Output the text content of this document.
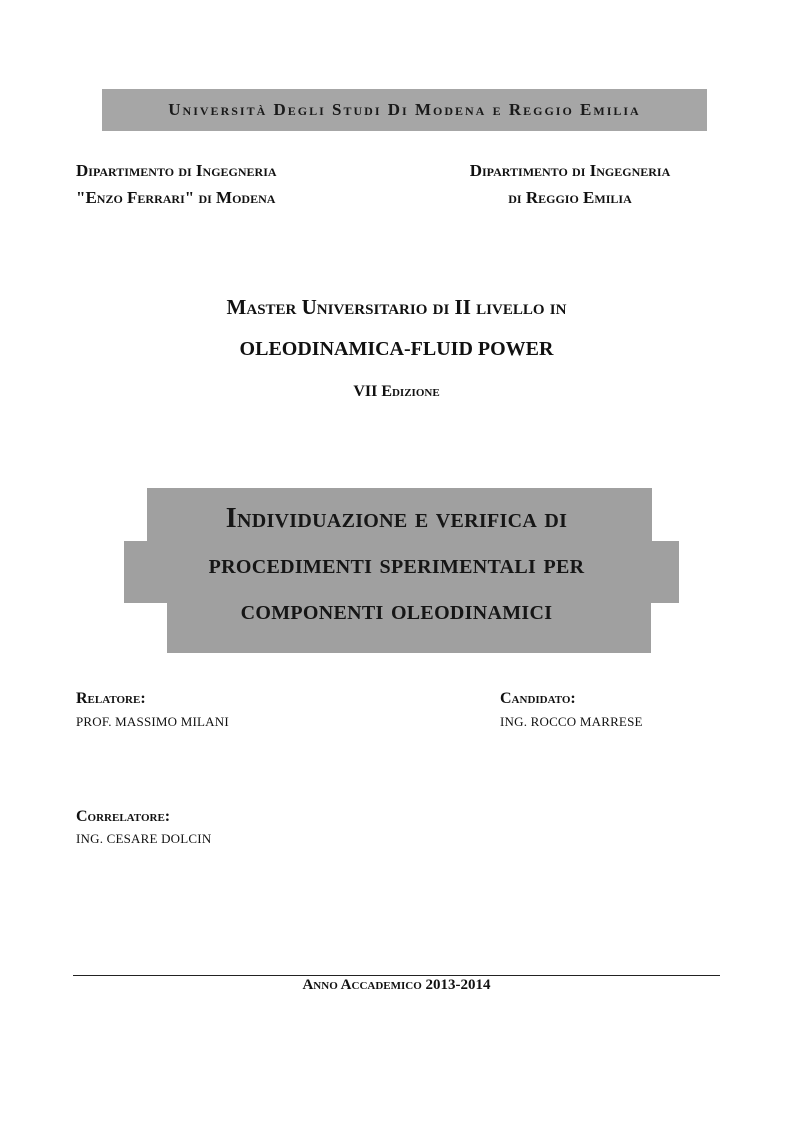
Università Degli Studi Di Modena e Reggio Emilia
Dipartimento di Ingegneria
"Enzo Ferrari" di Modena
Dipartimento di Ingegneria
di Reggio Emilia
Master Universitario di II livello in
OLEODINAMICA-FLUID POWER
VII Edizione
Individuazione e verifica di
procedimenti sperimentali per
componenti oleodinamici
Relatore:
PROF. MASSIMO MILANI
Candidato:
ING. ROCCO MARRESE
Correlatore:
ING. CESARE DOLCIN
Anno Accademico 2013-2014
